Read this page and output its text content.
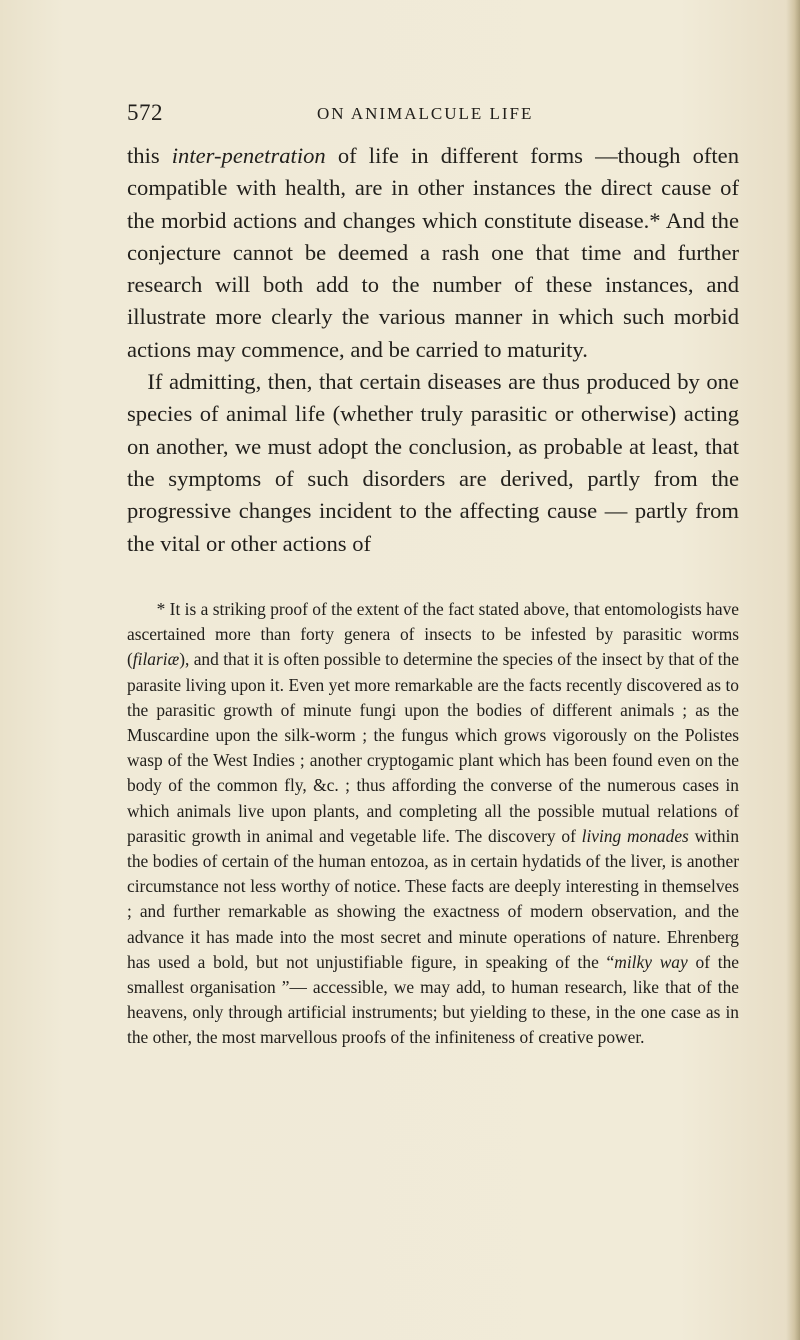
572	ON ANIMALCULE LIFE

this inter-penetration of life in different forms —though often compatible with health, are in other instances the direct cause of the morbid actions and changes which constitute disease.* And the conjecture cannot be deemed a rash one that time and further research will both add to the number of these instances, and illustrate more clearly the various manner in which such morbid actions may commence, and be carried to maturity.

If admitting, then, that certain diseases are thus produced by one species of animal life (whether truly parasitic or otherwise) acting on another, we must adopt the conclusion, as probable at least, that the symptoms of such disorders are derived, partly from the progressive changes incident to the affecting cause — partly from the vital or other actions of

* It is a striking proof of the extent of the fact stated above, that entomologists have ascertained more than forty genera of insects to be infested by parasitic worms (filariæ), and that it is often possible to determine the species of the insect by that of the parasite living upon it. Even yet more remarkable are the facts recently discovered as to the parasitic growth of minute fungi upon the bodies of different animals ; as the Muscardine upon the silk-worm ; the fungus which grows vigorously on the Polistes wasp of the West Indies ; another cryptogamic plant which has been found even on the body of the common fly, &c. ; thus affording the converse of the numerous cases in which animals live upon plants, and completing all the possible mutual relations of parasitic growth in animal and vegetable life. The discovery of living monades within the bodies of certain of the human entozoa, as in certain hydatids of the liver, is another circumstance not less worthy of notice. These facts are deeply interesting in themselves ; and further remarkable as showing the exactness of modern observation, and the advance it has made into the most secret and minute operations of nature. Ehrenberg has used a bold, but not unjustifiable figure, in speaking of the “milky way of the smallest organisation ”— accessible, we may add, to human research, like that of the heavens, only through artificial instruments; but yielding to these, in the one case as in the other, the most marvellous proofs of the infiniteness of creative power.
